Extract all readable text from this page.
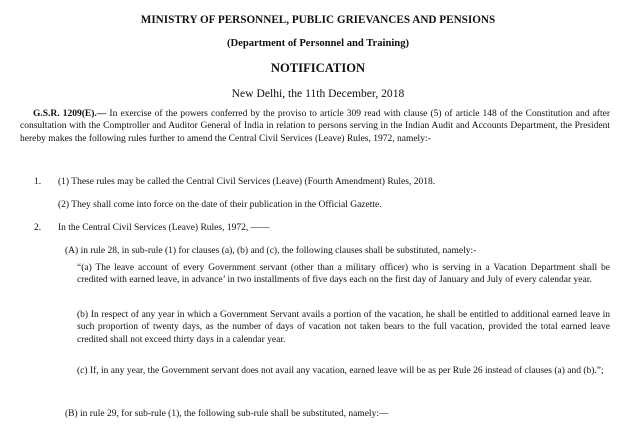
MINISTRY OF PERSONNEL, PUBLIC GRIEVANCES AND PENSIONS
(Department of Personnel and Training)
NOTIFICATION
New Delhi, the 11th December, 2018
G.S.R. 1209(E).— In exercise of the powers conferred by the proviso to article 309 read with clause (5) of article 148 of the Constitution and after consultation with the Comptroller and Auditor General of India in relation to persons serving in the Indian Audit and Accounts Department, the President hereby makes the following rules further to amend the Central Civil Services (Leave) Rules, 1972, namely:-
1. (1) These rules may be called the Central Civil Services (Leave) (Fourth Amendment) Rules, 2018.
(2) They shall come into force on the date of their publication in the Official Gazette.
2. In the Central Civil Services (Leave) Rules, 1972, ——
(A) in rule 28, in sub-rule (1) for clauses (a), (b) and (c), the following clauses shall be substituted, namely:-
“(a) The leave account of every Government servant (other than a military officer) who is serving in a Vacation Department shall be credited with earned leave, in advance’ in two installments of five days each on the first day of January and July of every calendar year.
(b) In respect of any year in which a Government Servant avails a portion of the vacation, he shall be entitled to additional earned leave in such proportion of twenty days, as the number of days of vacation not taken bears to the full vacation, provided the total earned leave credited shall not exceed thirty days in a calendar year.
(c) If, in any year, the Government servant does not avail any vacation, earned leave will be as per Rule 26 instead of clauses (a) and (b).”;
(B) in rule 29, for sub-rule (1), the following sub-rule shall be substituted, namely:—
